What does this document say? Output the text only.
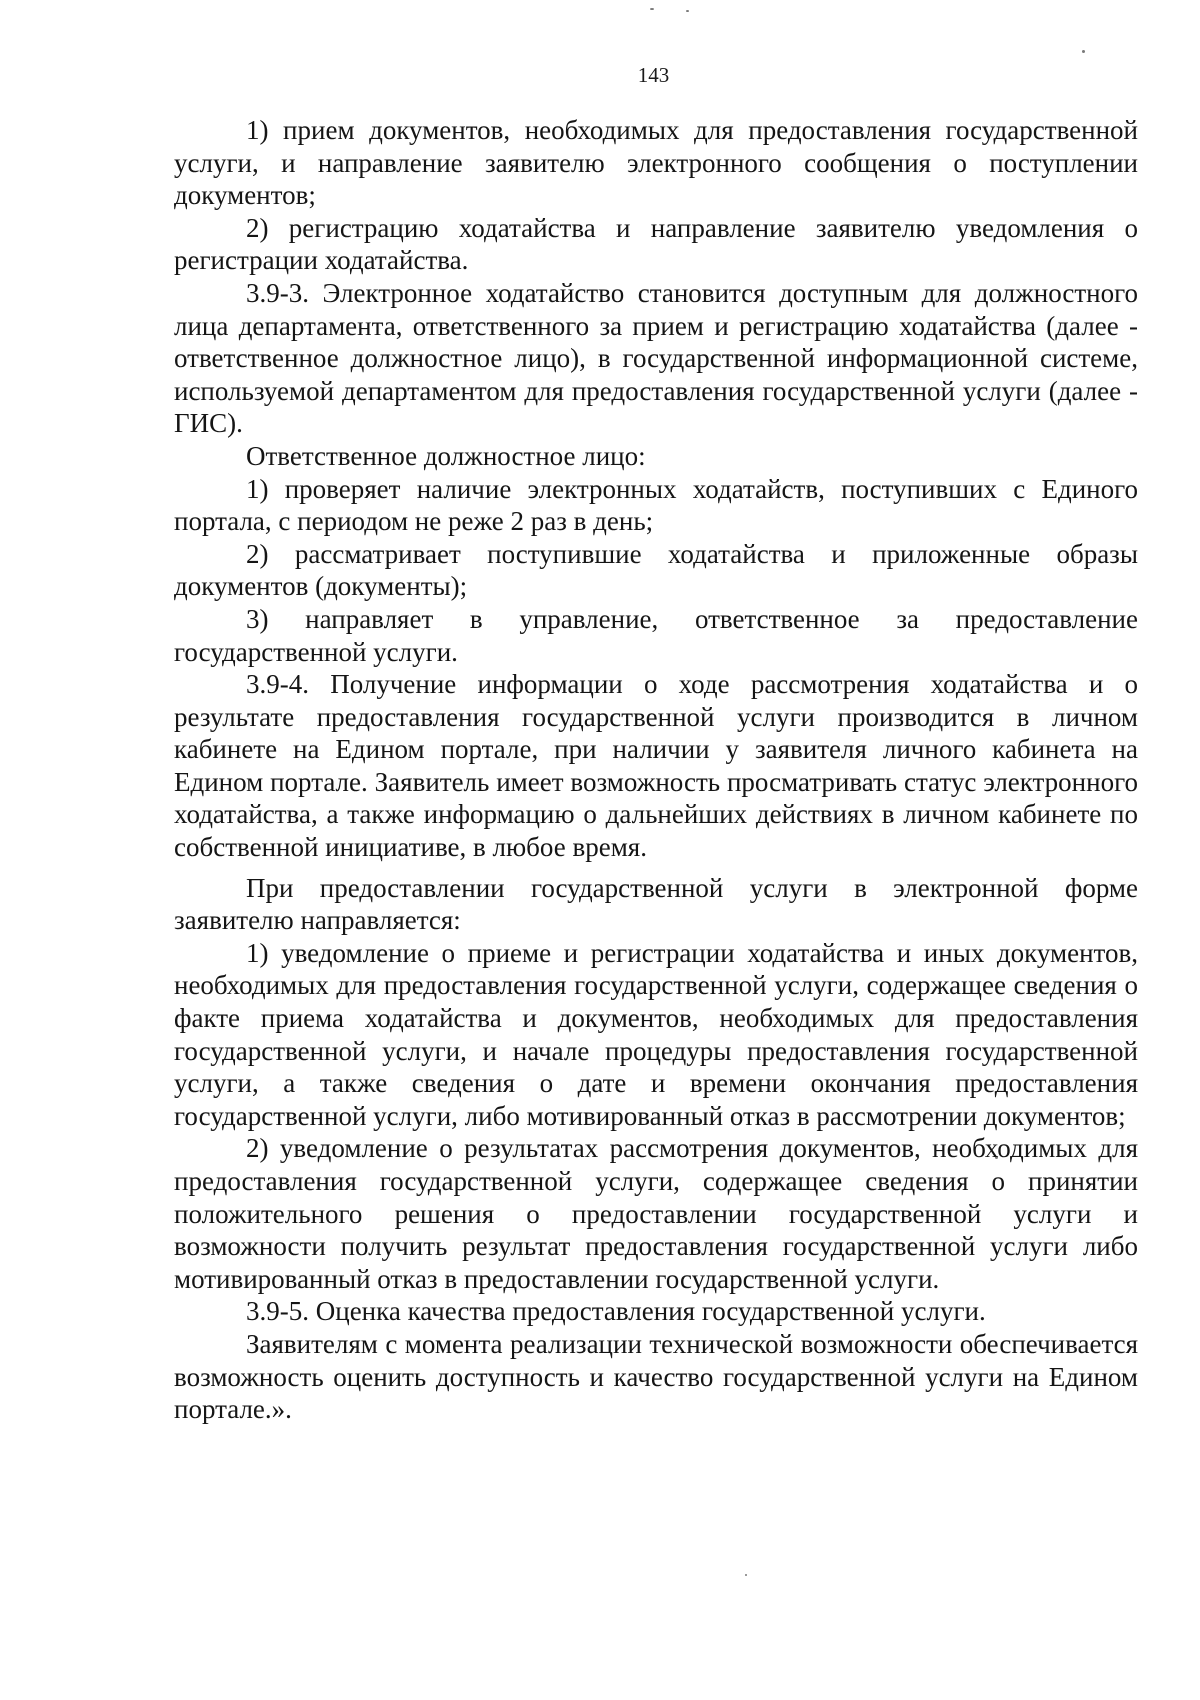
143

1) прием документов, необходимых для предоставления государственной услуги, и направление заявителю электронного сообщения о поступлении документов;

2) регистрацию ходатайства и направление заявителю уведомления о регистрации ходатайства.

3.9-3. Электронное ходатайство становится доступным для должностного лица департамента, ответственного за прием и регистрацию ходатайства (далее - ответственное должностное лицо), в государственной информационной системе, используемой департаментом для предоставления государственной услуги (далее - ГИС).

Ответственное должностное лицо:

1) проверяет наличие электронных ходатайств, поступивших с Единого портала, с периодом не реже 2 раз в день;

2) рассматривает поступившие ходатайства и приложенные образы документов (документы);

3) направляет в управление, ответственное за предоставление государственной услуги.

3.9-4. Получение информации о ходе рассмотрения ходатайства и о результате предоставления государственной услуги производится в личном кабинете на Едином портале, при наличии у заявителя личного кабинета на Едином портале. Заявитель имеет возможность просматривать статус электронного ходатайства, а также информацию о дальнейших действиях в личном кабинете по собственной инициативе, в любое время.

При предоставлении государственной услуги в электронной форме заявителю направляется:

1) уведомление о приеме и регистрации ходатайства и иных документов, необходимых для предоставления государственной услуги, содержащее сведения о факте приема ходатайства и документов, необходимых для предоставления государственной услуги, и начале процедуры предоставления государственной услуги, а также сведения о дате и времени окончания предоставления государственной услуги, либо мотивированный отказ в рассмотрении документов;

2) уведомление о результатах рассмотрения документов, необходимых для предоставления государственной услуги, содержащее сведения о принятии положительного решения о предоставлении государственной услуги и возможности получить результат предоставления государственной услуги либо мотивированный отказ в предоставлении государственной услуги.

3.9-5. Оценка качества предоставления государственной услуги.

Заявителям с момента реализации технической возможности обеспечивается возможность оценить доступность и качество государственной услуги на Едином портале.».
